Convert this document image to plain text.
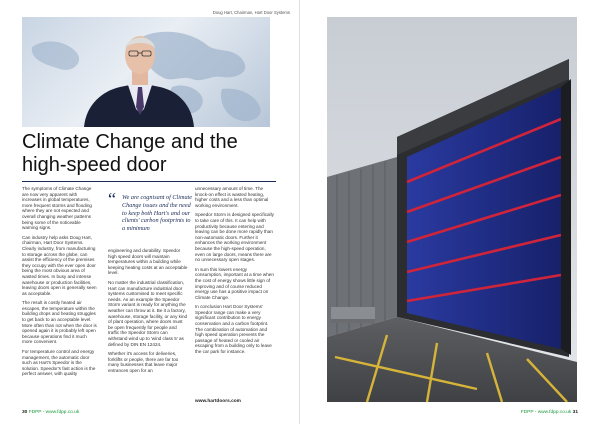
Doug Hart, Chairman, Hart Door Systems
Climate Change and the high-speed door

The symptoms of Climate Change are now very apparent with increases in global temperatures, more frequent storms and flooding where they are not expected and overall changing weather patterns being some of the noticeable warning signs.

Can industry help asks Doug Hart, chairman, Hart Door Systems. Clearly industry, from manufacturing to storage across the globe, can assist the efficiency of the premises they occupy with the ever open door being the most obvious area of wasted times. In busy and intense warehouse or production facilities, leaving doors open is generally seen as acceptable.

The result is costly heated air escapes, the temperature within the building drops and heating struggles to get back to an acceptable level. More often than not when the door is opened again it is probably left open because operations find it much more convenient.

For temperature control and energy management, the automatic door such as Hart's Speedor is the solution. Speedor's fast action is the perfect answer, with quality

“ We are cognisant of Climate Change issues and the need to keep both Hart's and our clients' carbon footprints to a minimum

engineering and durability. Speedor high speed doors will maintain temperatures within a building while keeping heating costs at an acceptable level.

No matter the industrial classification, Hart can manufacture industrial door systems customised to meet specific needs. As an example the Speedor Storm variant is ready for anything the weather can throw at it. Be it a factory, warehouse, storage facility, or any kind of plant operation, where doors must be open frequently for people and traffic the Speedor Storm can withstand wind up to 'wind class 5' as defined by DIN EN 12424.

Whether it's access for deliveries, forklifts or people, there are far too many businesses that leave major entrances open for an

unnecessary amount of time. The knock-on effect is wasted heating, higher costs and a less than optimal working environment.

Speedor Storm is designed specifically to take care of this. It can help with productivity because entering and leaving can be done more rapidly than non-automatic doors. Further it enhances the working environment because the high-speed operation, even on large doors, means there are no unnecessary open stages.

In sum this lowers energy consumption, important at a time when the cost of energy shows little sign of improving and of course reduced energy use has a positive impact on Climate Change.

In conclusion Hart Door Systems' Speedor range can make a very significant contribution to energy conservation and a carbon footprint. The combination of automation and high speed operation prevents the passage of heated or cooled air escaping from a building only to leave the car park for instance.

www.hartdoors.com
30 FDPP - www.fdpp.co.uk	FDPP - www.fdpp.co.uk 31
